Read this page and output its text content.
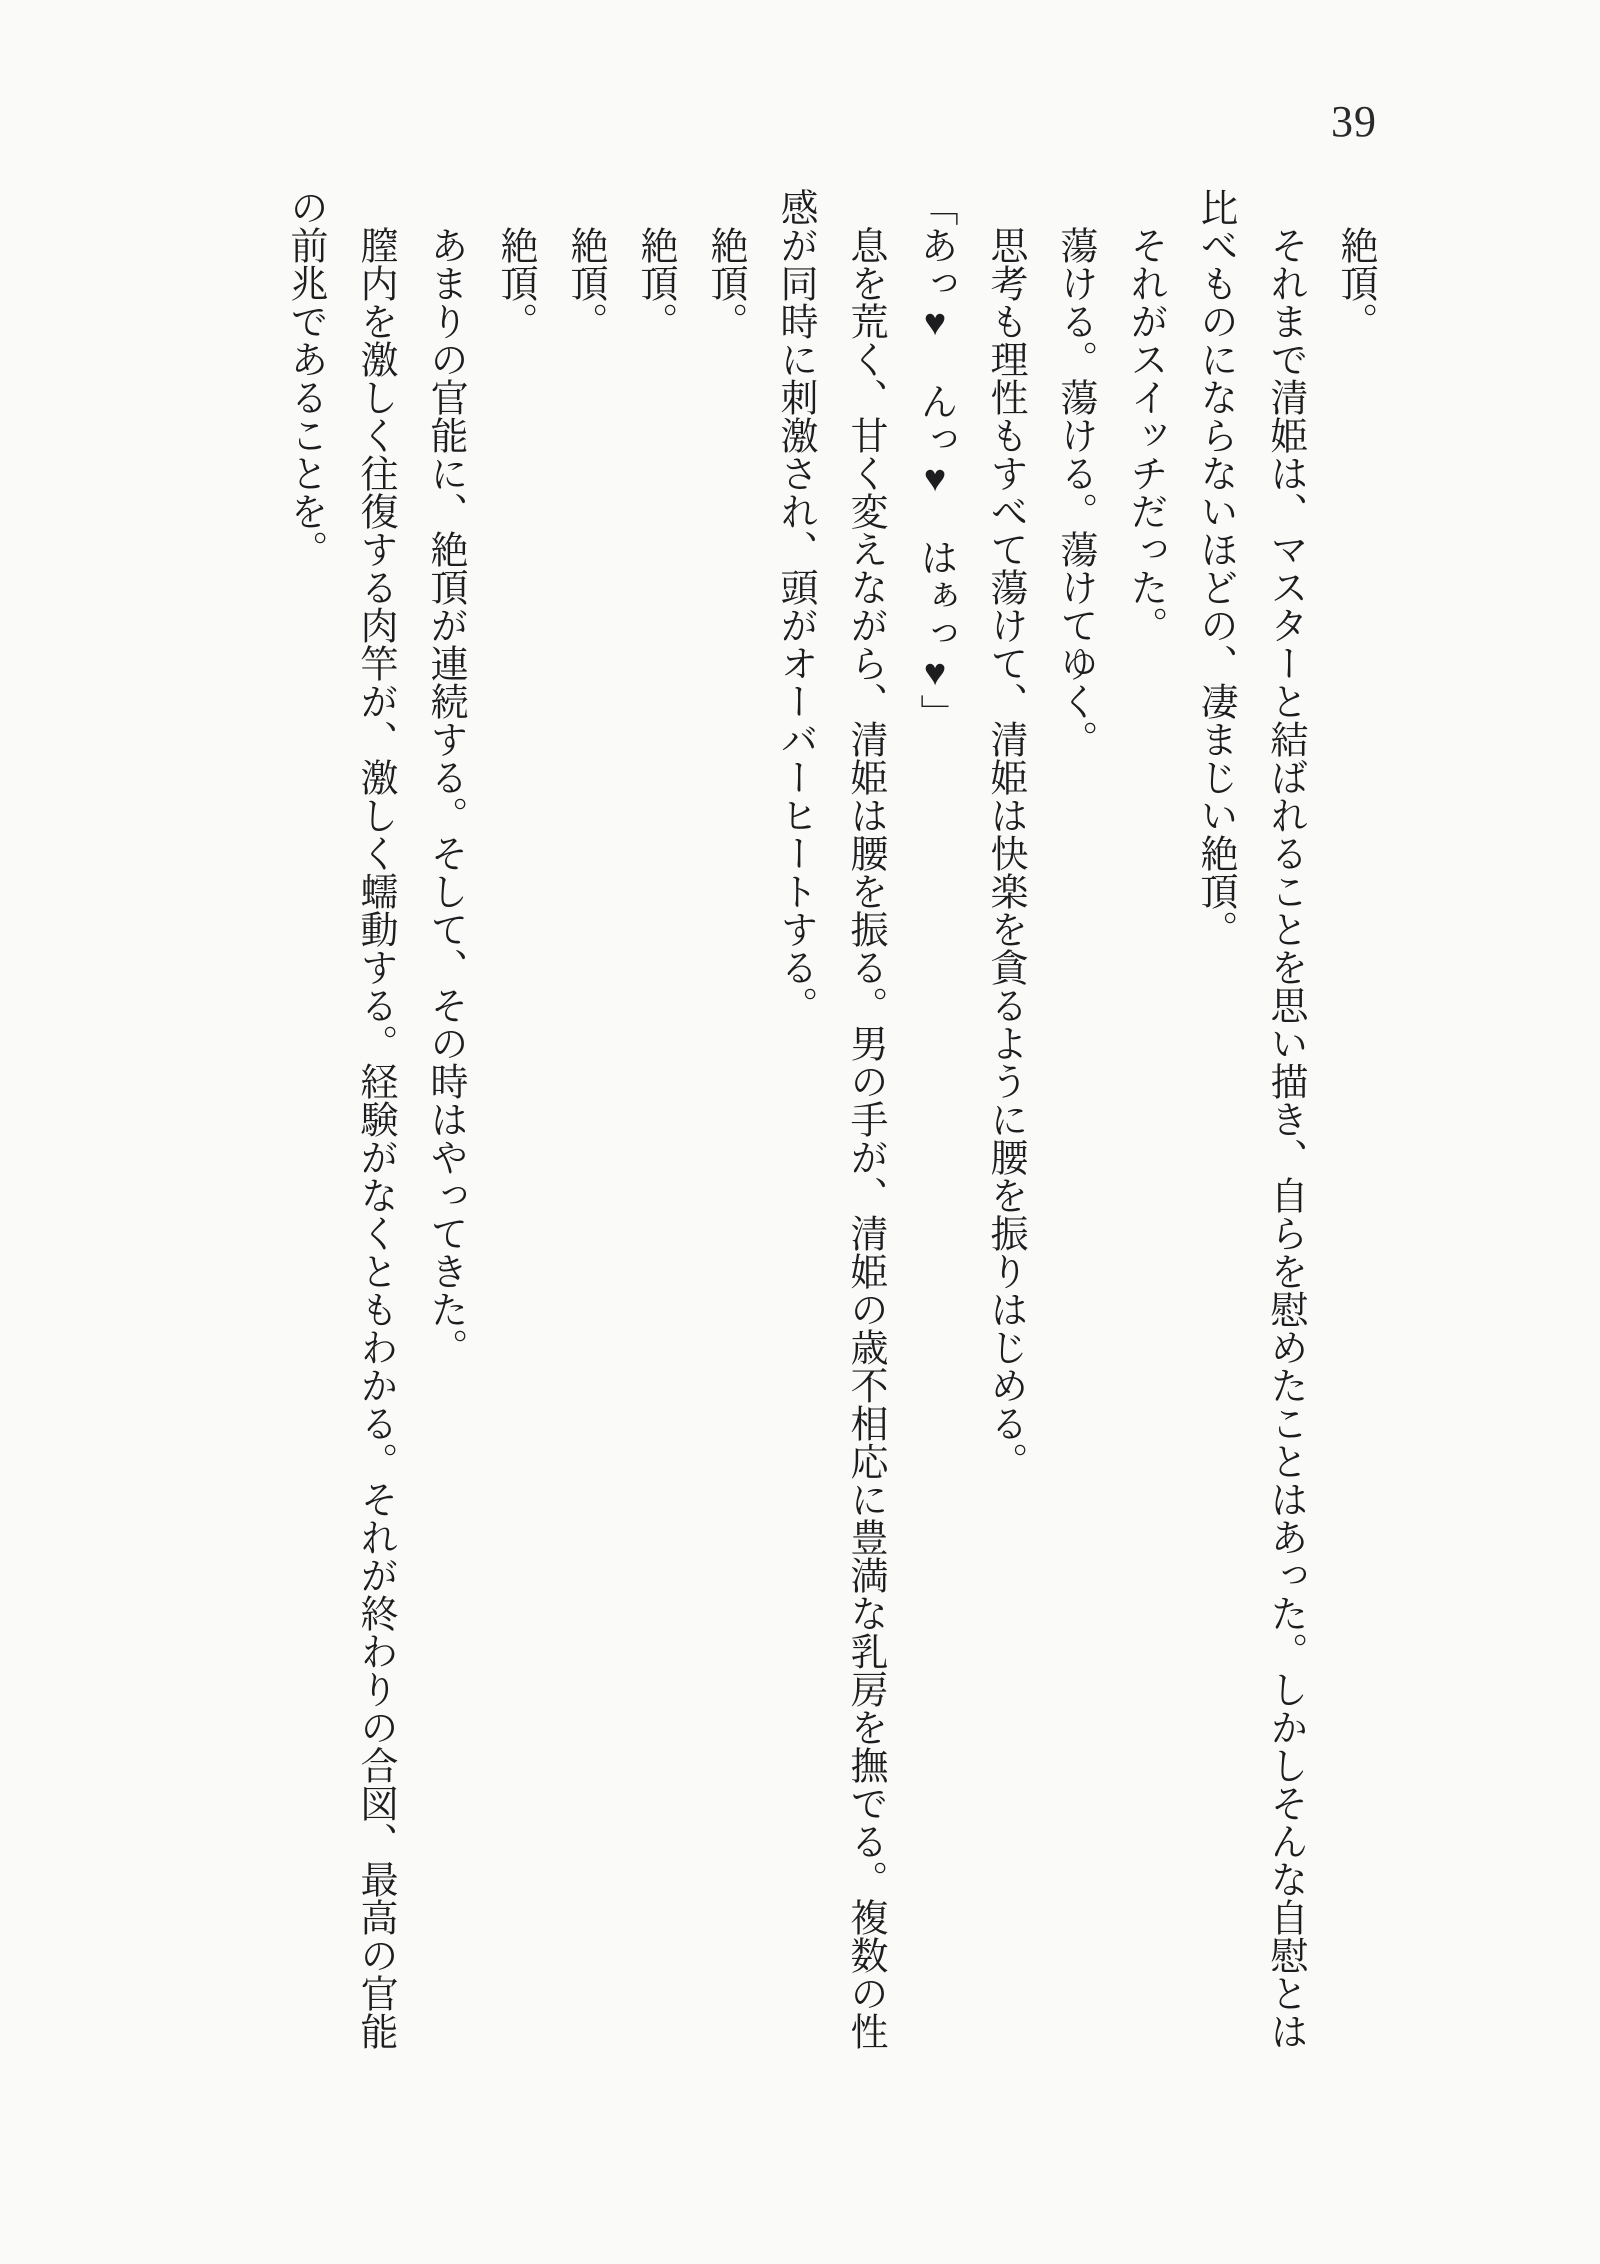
39
　絶頂。
　それまで清姫は、マスターと結ばれることを思い描き、自らを慰めたことはあった。しかしそんな自慰とは
比べものにならないほどの、凄まじい絶頂。
　それがスイッチだった。
　蕩ける。蕩ける。蕩けてゆく。
　思考も理性もすべて蕩けて、清姫は快楽を貪るように腰を振りはじめる。
「あっ♥　んっ♥　はぁっ♥」
　息を荒く、甘く変えながら、清姫は腰を振る。男の手が、清姫の歳不相応に豊満な乳房を撫でる。複数の性
感が同時に刺激され、頭がオーバーヒートする。
　絶頂。
　絶頂。
　絶頂。
　絶頂。
　あまりの官能に、絶頂が連続する。そして、その時はやってきた。
　膣内を激しく往復する肉竿が、激しく蠕動する。経験がなくともわかる。それが終わりの合図、最高の官能
の前兆であることを。
